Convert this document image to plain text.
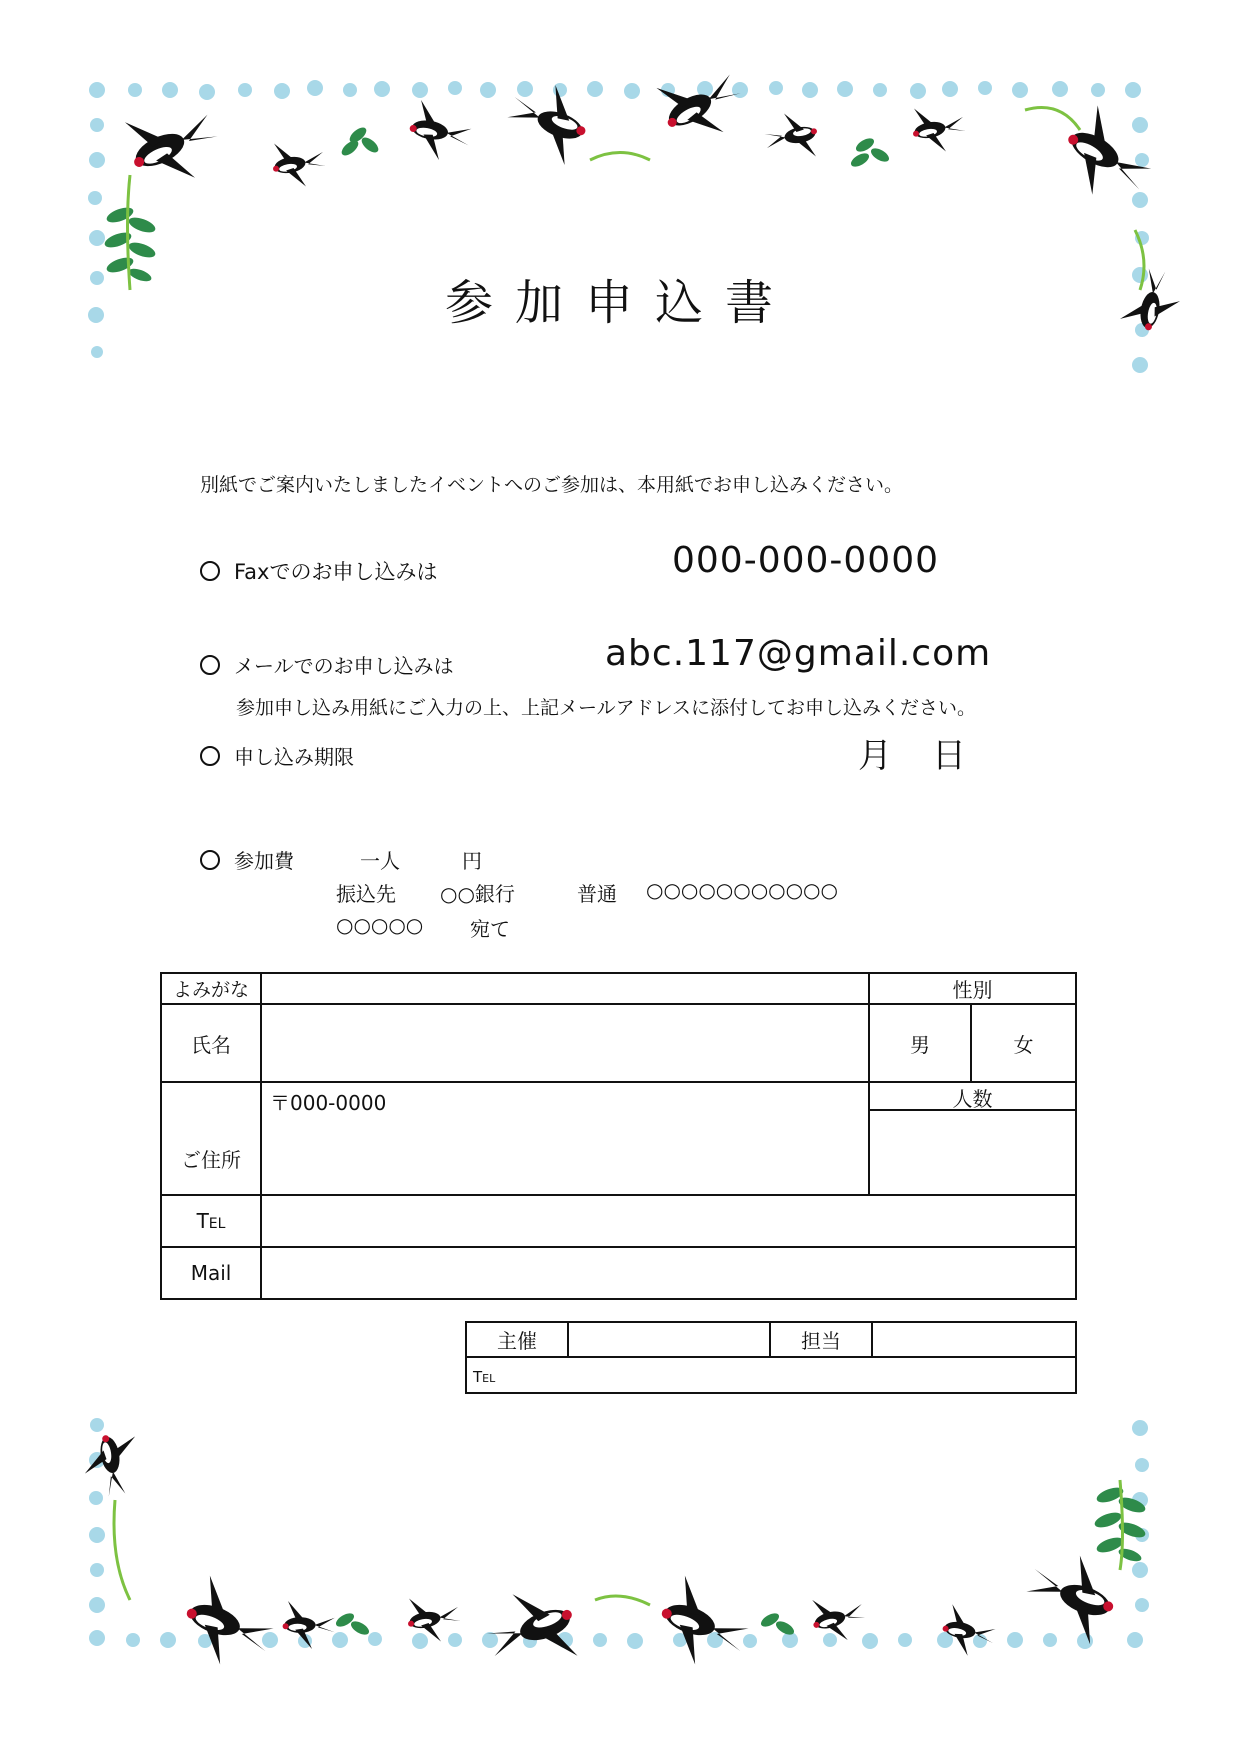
参加申込書
別紙でご案内いたしましたイベントへのご参加は、本用紙でお申し込みください。
Faxでのお申し込みは	000-000-0000
メールでのお申し込みは	abc.117@gmail.com
参加申し込み用紙にご入力の上、上記メールアドレスに添付してお申し込みください。
申し込み期限	月 日
参加費	一人	円
振込先 ○○銀行	普通 ○○○○○○○○○○○
○○○○○ 宛て
よみがな		性別	
氏名		男	女
ご住所	〒000-0000	人数	

Tel			
Mail			
主催		担当	
Tel
